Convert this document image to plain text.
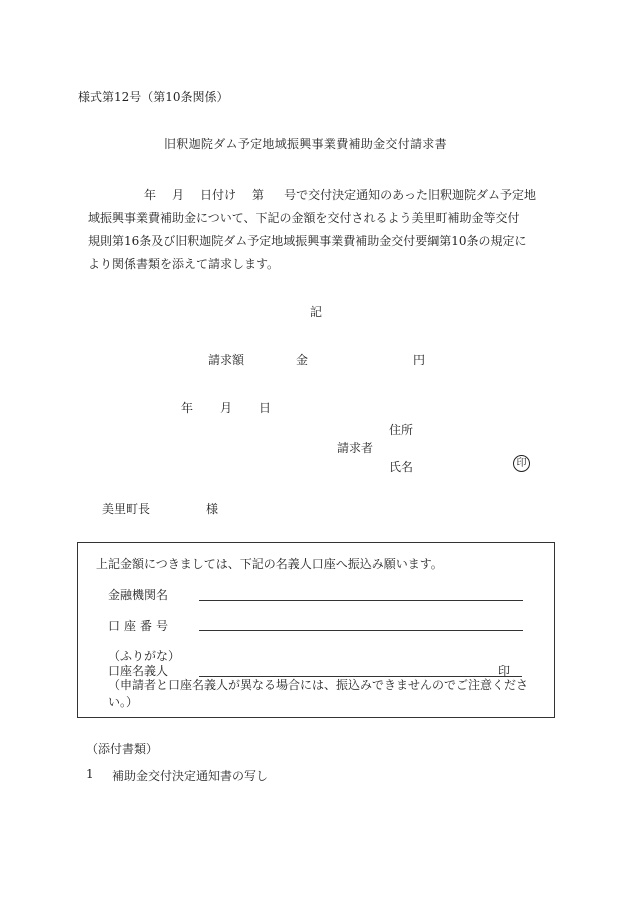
様式第12号（第10条関係）
旧釈迦院ダム予定地域振興事業費補助金交付請求書
年 月 日付け 第 号で交付決定通知のあった旧釈迦院ダム予定地
域振興事業費補助金について、下記の金額を交付されるよう美里町補助金等交付
規則第16条及び旧釈迦院ダム予定地域振興事業費補助金交付要綱第10条の規定に
より関係書類を添えて請求します。
記
請求額	金	円
年 月 日
住所
請求者
氏名	印
美里町長	様
上記金額につきましては、下記の名義人口座へ振込み願います。
金融機関名
口座番号
（ふりがな）
口座名義人	印
（申請者と口座名義人が異なる場合には、振込みできませんのでご注意ください。）
（添付書類）
1 補助金交付決定通知書の写し
